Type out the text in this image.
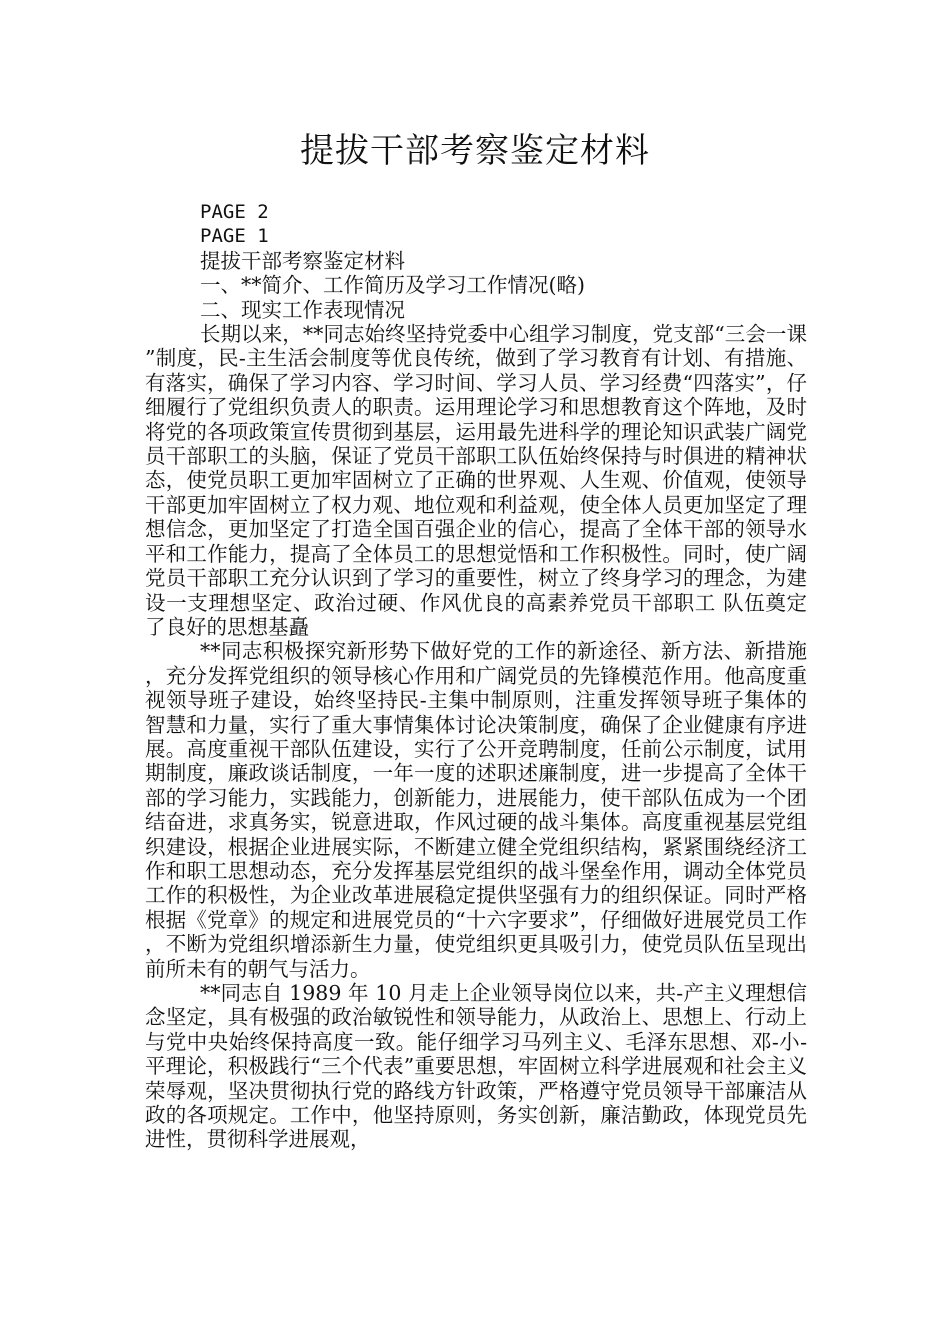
提拔干部考察鉴定材料
PAGE 2
PAGE 1
提拔干部考察鉴定材料
一、**简介、工作简历及学习工作情况(略)
二、现实工作表现情况

长期以来，**同志始终坚持党委中心组学习制度，党支部“三会一课”制度，民-主生活会制度等优良传统，做到了学习教育有计划、有措施、有落实，确保了学习内容、学习时间、学习人员、学习经费“四落实”，仔细履行了党组织负责人的职责。运用理论学习和思想教育这个阵地，及时将党的各项政策宣传贯彻到基层，运用最先进科学的理论知识武装广阔党员干部职工的头脑，保证了党员干部职工队伍始终保持与时俱进的精神状态，使党员职工更加牢固树立了正确的世界观、人生观、价值观，使领导干部更加牢固树立了权力观、地位观和利益观，使全体人员更加坚定了理想信念，更加坚定了打造全国百强企业的信心，提高了全体干部的领导水平和工作能力，提高了全体员工的思想觉悟和工作积极性。同时，使广阔党员干部职工充分认识到了学习的重要性，树立了终身学习的理念，为建设一支理想坚定、政治过硬、作风优良的高素养党员干部职工 队伍奠定了良好的思想基矗

**同志积极探究新形势下做好党的工作的新途径、新方法、新措施，充分发挥党组织的领导核心作用和广阔党员的先锋模范作用。他高度重视领导班子建设，始终坚持民-主集中制原则，注重发挥领导班子集体的智慧和力量，实行了重大事情集体讨论决策制度，确保了企业健康有序进展。高度重视干部队伍建设，实行了公开竞聘制度，任前公示制度，试用期制度，廉政谈话制度，一年一度的述职述廉制度，进一步提高了全体干部的学习能力，实践能力，创新能力，进展能力，使干部队伍成为一个团结奋进，求真务实，锐意进取，作风过硬的战斗集体。高度重视基层党组织建设，根据企业进展实际，不断建立健全党组织结构，紧紧围绕经济工作和职工思想动态，充分发挥基层党组织的战斗堡垒作用，调动全体党员工作的积极性，为企业改革进展稳定提供坚强有力的组织保证。同时严格根据《党章》的规定和进展党员的“十六字要求”，仔细做好进展党员工作，不断为党组织增添新生力量，使党组织更具吸引力，使党员队伍呈现出前所未有的朝气与活力。

**同志自 1989 年 10 月走上企业领导岗位以来，共-产主义理想信念坚定，具有极强的政治敏锐性和领导能力，从政治上、思想上、行动上与党中央始终保持高度一致。能仔细学习马列主义、毛泽东思想、邓-小-平理论，积极践行“三个代表”重要思想，牢固树立科学进展观和社会主义荣辱观，坚决贯彻执行党的路线方针政策，严格遵守党员领导干部廉洁从政的各项规定。工作中，他坚持原则，务实创新，廉洁勤政，体现党员先进性，贯彻科学进展观，
